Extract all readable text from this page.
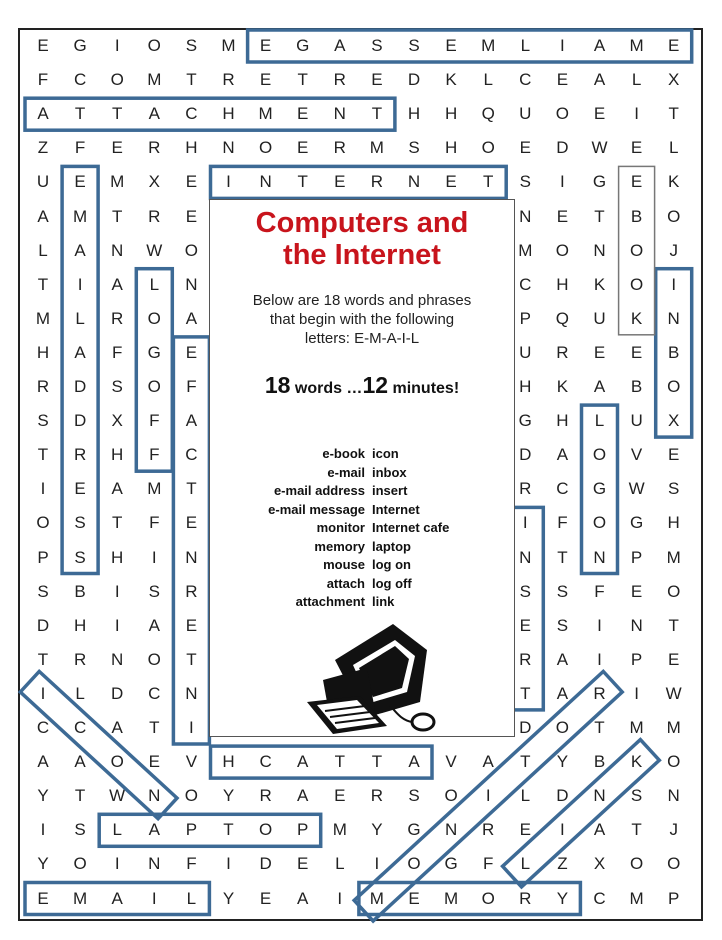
E	G	I	O	S	M	E	G	A	S	S	E	M	L	I	A	M	E
F	C	O	M	T	R	E	T	R	E	D	K	L	C	E	A	L	X
A	T	T	A	C	H	M	E	N	T	H	H	Q	U	O	E	I	T
Z	F	E	R	H	N	O	E	R	M	S	H	O	E	D	W	E	L
U	E	M	X	E	I	N	T	E	R	N	E	T	S	I	G	E	K
A	M	T	R	E	N	E	T	B	O
L	A	N	W	O	M	O	N	O	J
T	I	A	L	N	C	H	K	O	I
M	L	R	O	A	P	Q	U	K	N
H	A	F	G	E	U	R	E	E	B
R	D	S	O	F	H	K	A	B	O
S	D	X	F	A	G	H	L	U	X
T	R	H	F	C	D	A	O	V	E
I	E	A	M	T	R	C	G	W	S
O	S	T	F	E	I	F	O	G	H
P	S	H	I	N	N	T	N	P	M
S	B	I	S	R	S	S	F	E	O
D	H	I	A	E	E	S	I	N	T
T	R	N	O	T	R	A	I	P	E
I	L	D	C	N	T	A	R	I	W
C	C	A	T	I	D	O	T	M	M
A	A	O	E	V	H	C	A	T	T	A	V	A	T	Y	B	K	O
Y	T	W	N	O	Y	R	A	E	R	S	O	I	L	D	N	S	N
I	S	L	A	P	T	O	P	M	Y	G	N	R	E	I	A	T	J
Y	O	I	N	F	I	D	E	L	I	O	G	F	L	Z	X	O	O
E	M	A	I	L	Y	E	A	I	M	E	M	O	R	Y	C	M	P
Computers and
the Internet
Below are 18 words and phrases
that begin with the following
letters: E-M-A-I-L
18 words …12 minutes!
e-book
e-mail
e-mail address
e-mail message
monitor
memory
mouse
attach
attachment
icon
inbox
insert
Internet
Internet cafe
laptop
log on
log off
link
